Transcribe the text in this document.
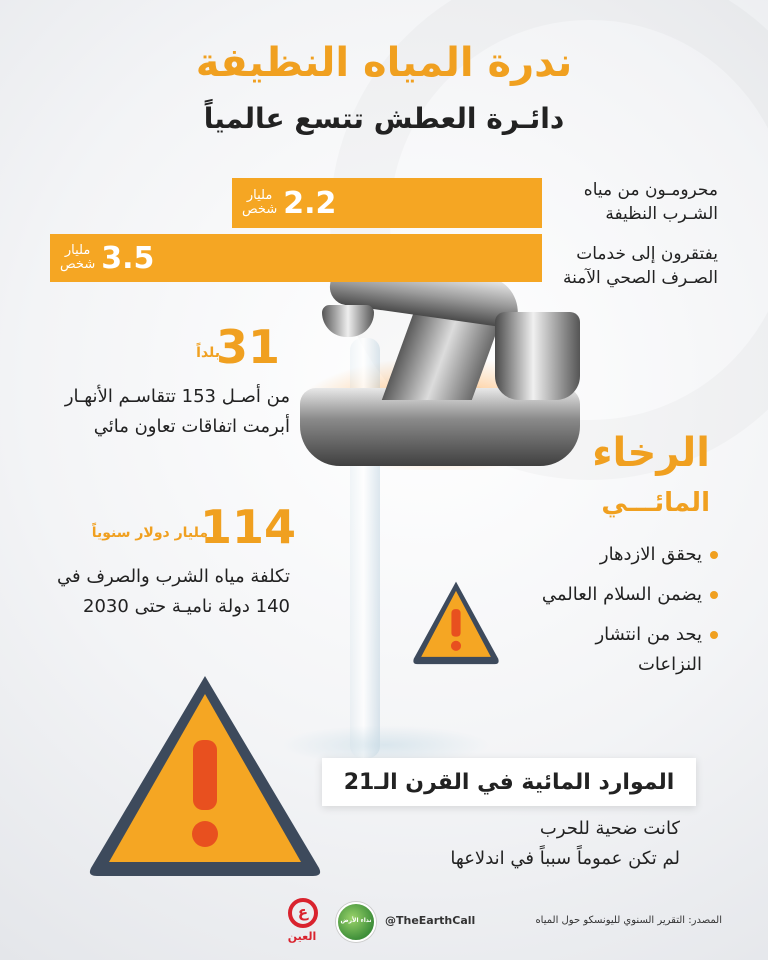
ندرة المياه النظيفة
دائـرة العطش تتسع عالمياً
مليار
شخص 2.2	محرومـون من مياه الشـرب النظيفة
مليار
شخص 3.5	يفتقرون إلى خدمات الصـرف الصحي الآمنة
31
بلداً
من أصـل 153 تتقاسـم الأنهـار أبرمت اتفاقات تعاون مائي
114
مليار دولار سنوياً
تكلفة مياه الشرب والصرف في 140 دولة ناميـة حتى 2030
الرخاء
المائـــي
يحقق الازدهار
يضمن السلام العالمي
يحد من انتشار النزاعات
الموارد المائية في القرن الـ21
كانت ضحية للحرب
لم تكن عموماً سبباً في اندلاعها
المصدر: التقرير السنوي لليونسكو حول المياه
@TheEarthCall
نداء الأرض
ع
العين
